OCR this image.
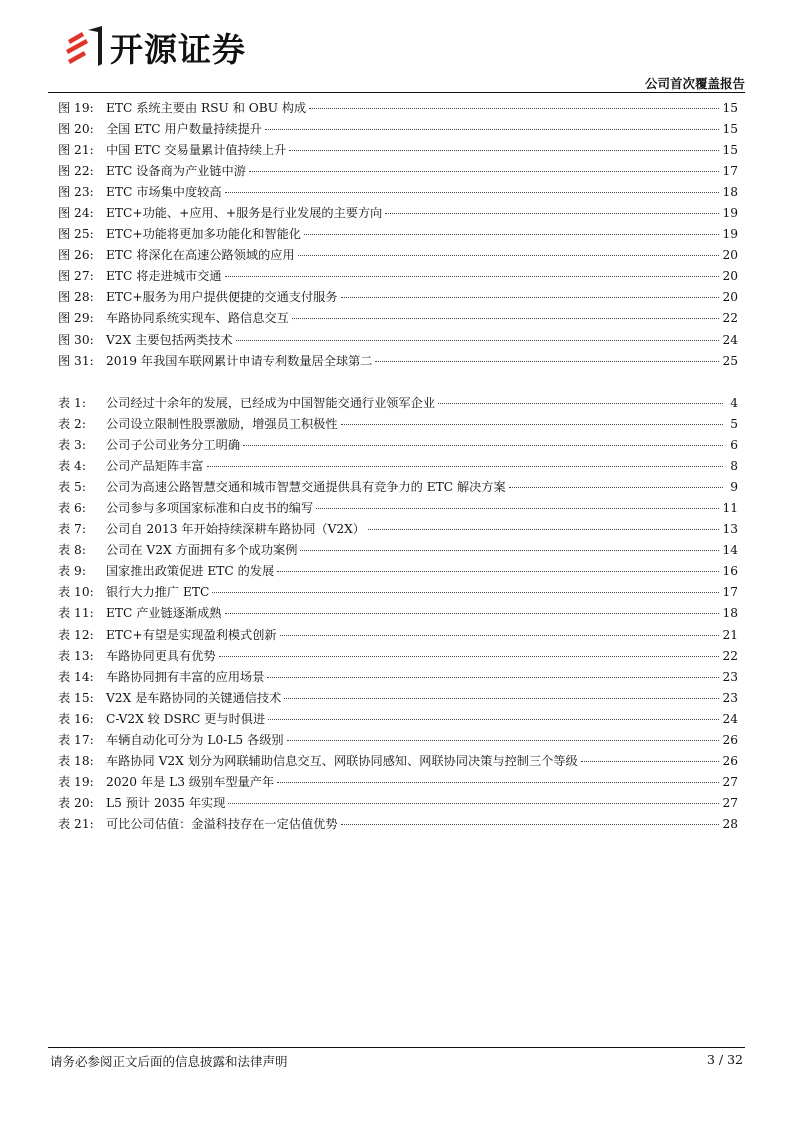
开源证券
公司首次覆盖报告
图 19:	ETC 系统主要由 RSU 和 OBU 构成	15
图 20:	全国 ETC 用户数量持续提升	15
图 21:	中国 ETC 交易量累计值持续上升	15
图 22:	ETC 设备商为产业链中游	17
图 23:	ETC 市场集中度较高	18
图 24:	ETC+功能、+应用、+服务是行业发展的主要方向	19
图 25:	ETC+功能将更加多功能化和智能化	19
图 26:	ETC 将深化在高速公路领域的应用	20
图 27:	ETC 将走进城市交通	20
图 28:	ETC+服务为用户提供便捷的交通支付服务	20
图 29:	车路协同系统实现车、路信息交互	22
图 30:	V2X 主要包括两类技术	24
图 31:	2019 年我国车联网累计申请专利数量居全球第二	25
表 1:	公司经过十余年的发展，已经成为中国智能交通行业领军企业	4
表 2:	公司设立限制性股票激励，增强员工积极性	5
表 3:	公司子公司业务分工明确	6
表 4:	公司产品矩阵丰富	8
表 5:	公司为高速公路智慧交通和城市智慧交通提供具有竞争力的 ETC 解决方案	9
表 6:	公司参与多项国家标准和白皮书的编写	11
表 7:	公司自 2013 年开始持续深耕车路协同（V2X）	13
表 8:	公司在 V2X 方面拥有多个成功案例	14
表 9:	国家推出政策促进 ETC 的发展	16
表 10:	银行大力推广 ETC	17
表 11:	ETC 产业链逐渐成熟	18
表 12:	ETC+有望是实现盈利模式创新	21
表 13:	车路协同更具有优势	22
表 14:	车路协同拥有丰富的应用场景	23
表 15:	V2X 是车路协同的关键通信技术	23
表 16:	C-V2X 较 DSRC 更与时俱进	24
表 17:	车辆自动化可分为 L0-L5 各级别	26
表 18:	车路协同 V2X 划分为网联辅助信息交互、网联协同感知、网联协同决策与控制三个等级	26
表 19:	2020 年是 L3 级别车型量产年	27
表 20:	L5 预计 2035 年实现	27
表 21:	可比公司估值：金溢科技存在一定估值优势	28
请务必参阅正文后面的信息披露和法律声明	3 / 32
